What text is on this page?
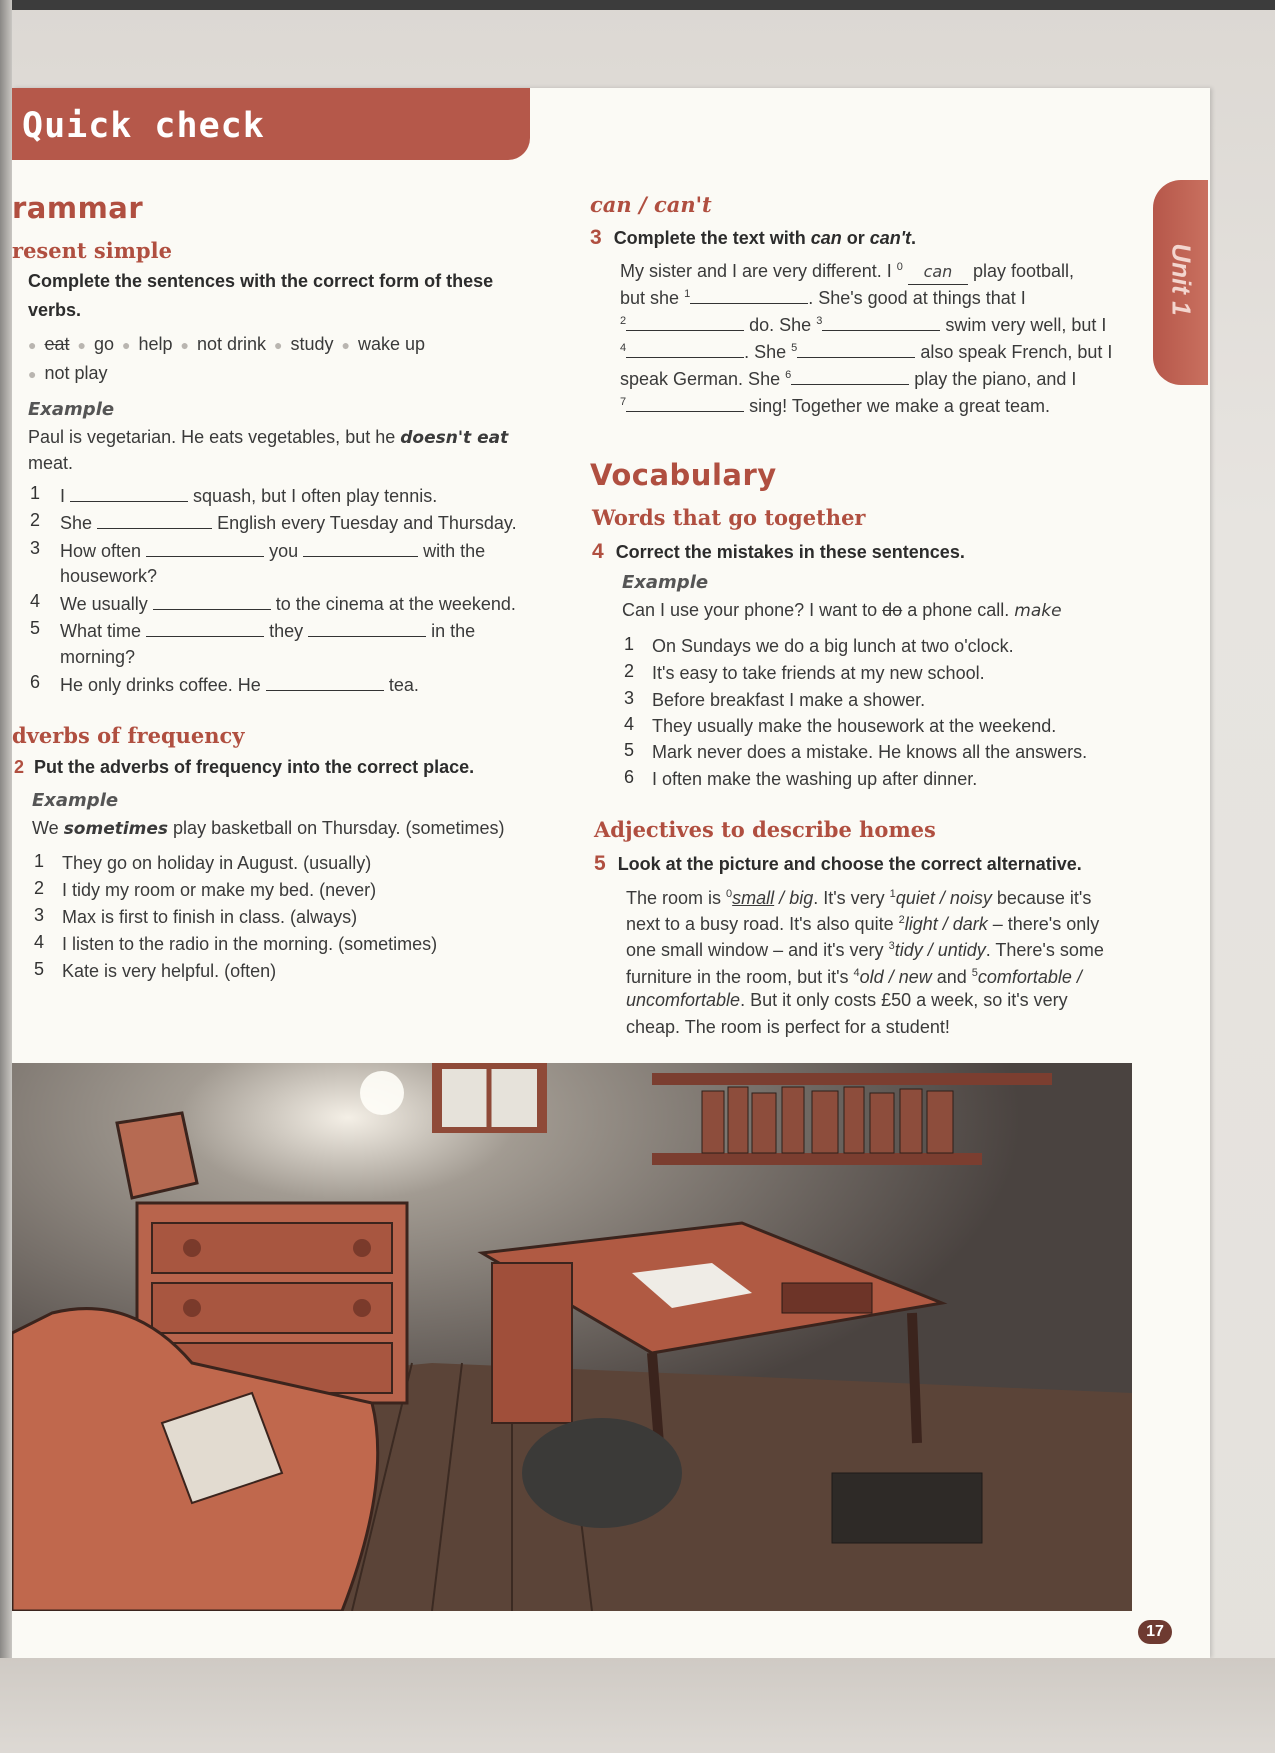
Quick check
Unit 1
rammar
resent simple
Complete the sentences with the correct form of these
verbs.
● eat ● go ● help ● not drink ● study ● wake up
● not play
Example
Paul is vegetarian. He eats vegetables, but he doesn't eat
meat.
1	I	squash, but I often play tennis.
2	She	English every Tuesday and Thursday.
3	How often	you	with the
housework?
4	We usually	to the cinema at the weekend.
5	What time	they	in the
morning?
6	He only drinks coffee. He	tea.
dverbs of frequency
2 Put the adverbs of frequency into the correct place.
Example
We sometimes play basketball on Thursday. (sometimes)
1 They go on holiday in August. (usually)
2 I tidy my room or make my bed. (never)
3 Max is first to finish in class. (always)
4 I listen to the radio in the morning. (sometimes)
5 Kate is very helpful. (often)
can / can't
3 Complete the text with can or can't.
My sister and I are very different. I $^0$ can play football,
but she $^1$	. She's good at things that I
$^2$	do. She $^3$	swim very well, but I
$^4$	. She $^5$	also speak French, but I
speak German. She $^6$	play the piano, and I
$^7$	sing! Together we make a great team.
Vocabulary
Words that go together
4 Correct the mistakes in these sentences.
Example
Can I use your phone? I want to do a phone call. make
1 On Sundays we do a big lunch at two o'clock.
2 It's easy to take friends at my new school.
3 Before breakfast I make a shower.
4 They usually make the housework at the weekend.
5 Mark never does a mistake. He knows all the answers.
6 I often make the washing up after dinner.
Adjectives to describe homes
5 Look at the picture and choose the correct alternative.
The room is $^0$small / big. It's very $^1$quiet / noisy because it's
next to a busy road. It's also quite $^2$light / dark – there's only
one small window – and it's very $^3$tidy / untidy. There's some
furniture in the room, but it's $^4$old / new and $^5$comfortable /
uncomfortable. But it only costs £50 a week, so it's very
cheap. The room is perfect for a student!
17
